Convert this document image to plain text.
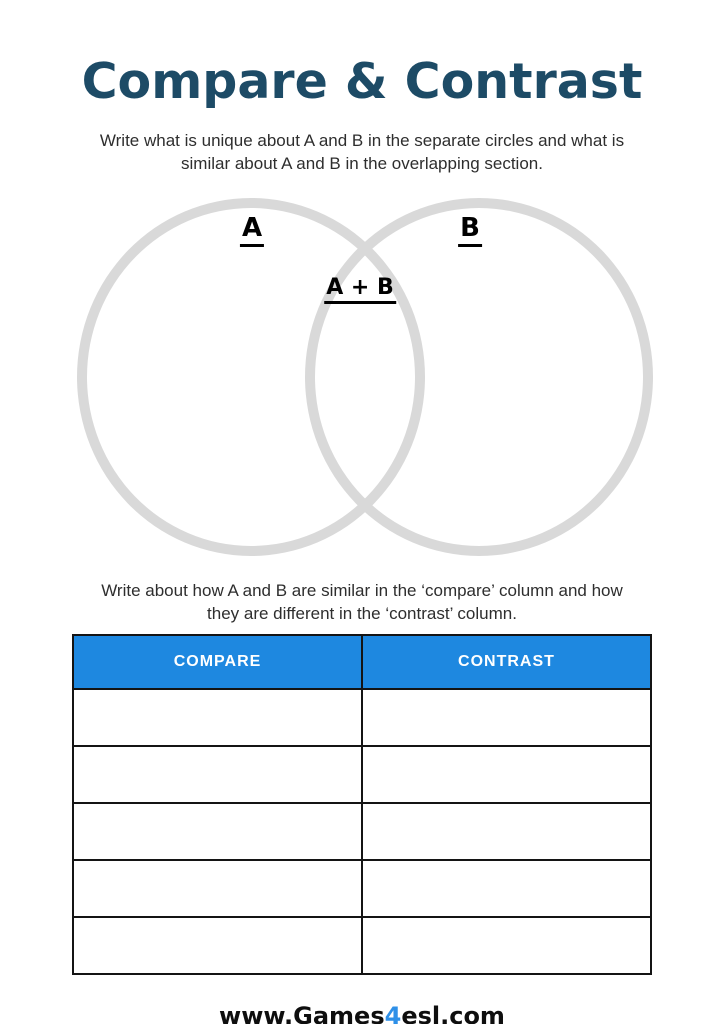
Compare & Contrast

Write what is unique about A and B in the separate circles and what is
similar about A and B in the overlapping section.

A	B
A + B

Write about how A and B are similar in the ‘compare’ column and how
they are different in the ‘contrast’ column.

COMPARE	CONTRAST

www.Games4esl.com
